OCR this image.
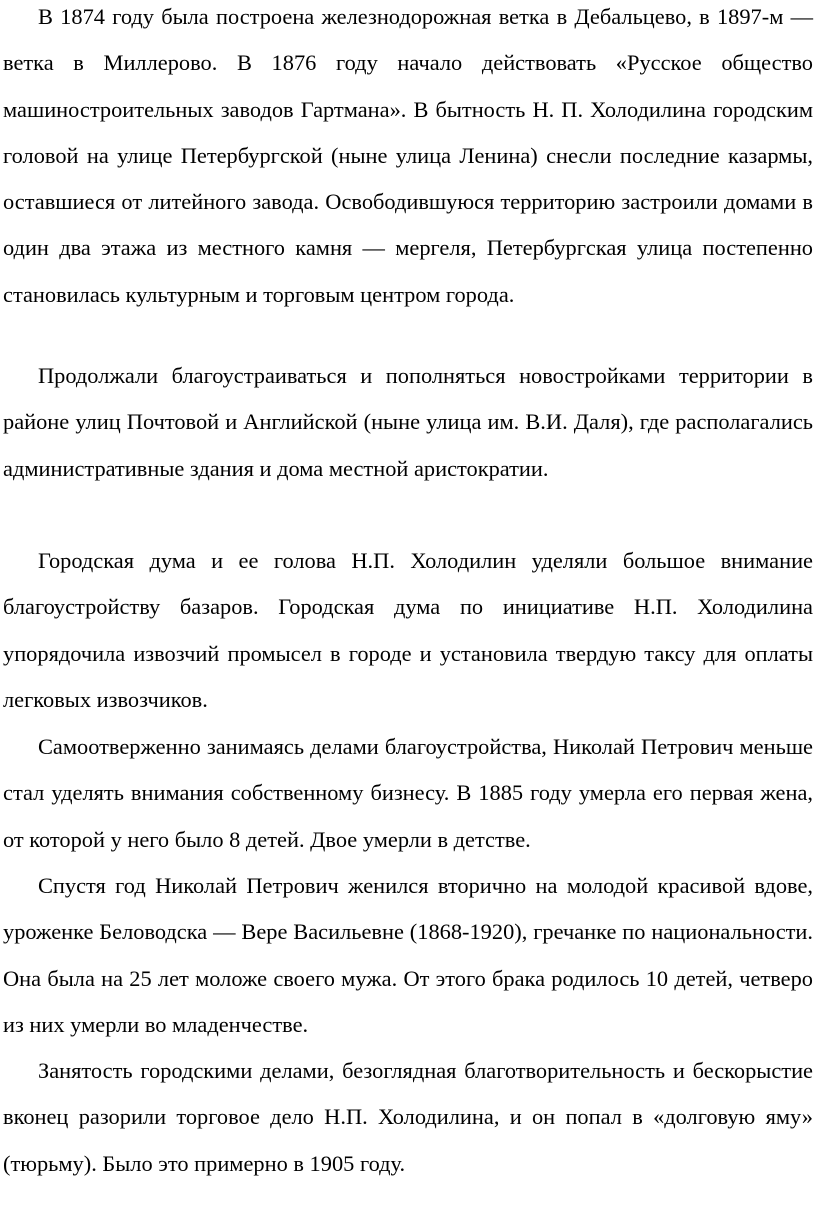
В 1874 году была построена железнодорожная ветка в Дебальцево, в 1897-м — ветка в Миллерово. В 1876 году начало действовать «Русское общество машиностроительных заводов Гартмана». В бытность Н. П. Холодилина городским головой на улице Петербургской (ныне улица Ленина) снесли последние казармы, оставшиеся от литейного завода. Освободившуюся территорию застроили домами в один два этажа из местного камня — мергеля, Петербургская улица постепенно становилась культурным и торговым центром города.

Продолжали благоустраиваться и пополняться новостройками территории в районе улиц Почтовой и Английской (ныне улица им. В.И. Даля), где располагались административные здания и дома местной аристократии.

Городская дума и ее голова Н.П. Холодилин уделяли большое внимание благоустройству базаров. Городская дума по инициативе Н.П. Холодилина упорядочила извозчий промысел в городе и установила твердую таксу для оплаты легковых извозчиков.

Самоотверженно занимаясь делами благоустройства, Николай Петрович меньше стал уделять внимания собственному бизнесу. В 1885 году умерла его первая жена, от которой у него было 8 детей. Двое умерли в детстве.

Спустя год Николай Петрович женился вторично на молодой красивой вдове, уроженке Беловодска — Вере Васильевне (1868-1920), гречанке по национальности. Она была на 25 лет моложе своего мужа. От этого брака родилось 10 детей, четверо из них умерли во младенчестве.

Занятость городскими делами, безоглядная благотворительность и бескорыстие вконец разорили торговое дело Н.П. Холодилина, и он попал в «долговую яму» (тюрьму). Было это примерно в 1905 году.
